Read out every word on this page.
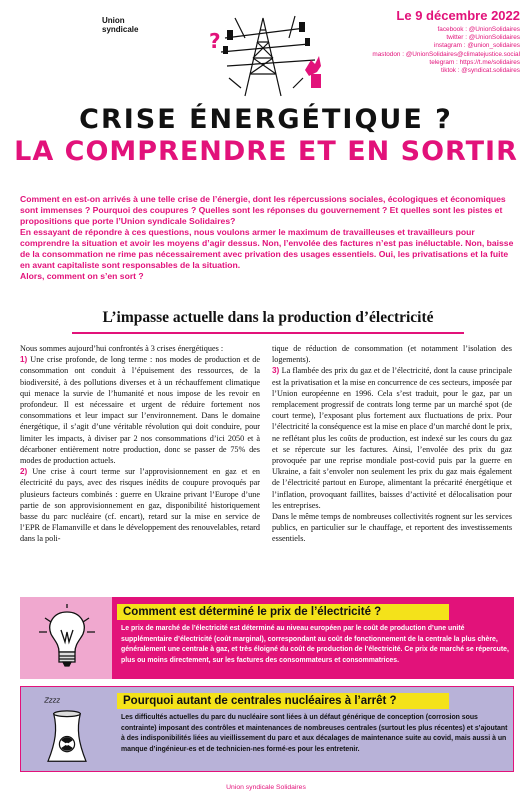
Union syndicale
Solidaires	?
Le 9 décembre 2022
facebook : @UnionSolidaires
twitter : @UnionSolidaires
instagram : @union_solidaires
mastodon : @UnionSolidaires@climatejustice.social
telegram : https://t.me/solidaires
tiktok : @syndicat.solidaires
CRISE ÉNERGÉTIQUE ?
LA COMPRENDRE ET EN SORTIR

Comment en est-on arrivés à une telle crise de l’énergie, dont les répercussions sociales, écologiques et économiques sont immenses ? Pourquoi des coupures ? Quelles sont les réponses du gouvernement ? Et quelles sont les pistes et propositions que porte l’Union syndicale Solidaires?

En essayant de répondre à ces questions, nous voulons armer le maximum de travailleuses et travailleurs pour comprendre la situation et avoir les moyens d’agir dessus. Non, l’envolée des factures n’est pas inéluctable. Non, baisse de la consommation ne rime pas nécessairement avec privation des usages essentiels. Oui, les privatisations et la fuite en avant capitaliste sont responsables de la situation.

Alors, comment on s’en sort ?

L’impasse actuelle dans la production d’électricité

Nous sommes aujourd’hui confrontés à 3 crises énergétiques :

1) Une crise profonde, de long terme : nos modes de production et de consommation ont conduit à l’épuisement des ressources, de la biodiversité, à des pollutions diverses et à un réchauffement climatique qui menace la survie de l’humanité et nous impose de les revoir en profondeur. Il est nécessaire et urgent de réduire fortement nos consommations et leur impact sur l’environnement. Dans le domaine énergétique, il s’agit d’une véritable révolution qui doit conduire, pour limiter les impacts, à diviser par 2 nos consommations d’ici 2050 et à décarboner entièrement notre production, donc se passer de 75% des modes de production actuels.

2) Une crise à court terme sur l’approvisionnement en gaz et en électricité du pays, avec des risques inédits de coupure provoqués par plusieurs facteurs combinés : guerre en Ukraine privant l’Europe d’une partie de son approvisionnement en gaz, disponibilité historiquement basse du parc nucléaire (cf. encart), retard sur la mise en service de l’EPR de Flamanville et dans le développement des renouvelables, retard dans la poli-

tique de réduction de consommation (et notamment l’isolation des logements).

3) La flambée des prix du gaz et de l’électricité, dont la cause principale est la privatisation et la mise en concurrence de ces secteurs, imposée par l’Union européenne en 1996. Cela s’est traduit, pour le gaz, par un remplacement progressif de contrats long terme par un marché spot (de court terme), l’exposant plus fortement aux fluctuations de prix. Pour l’électricité la conséquence est la mise en place d’un marché dont le prix, ne reflétant plus les coûts de production, est indexé sur les cours du gaz et se répercute sur les factures. Ainsi, l’envolée des prix du gaz provoquée par une reprise mondiale post-covid puis par la guerre en Ukraine, a fait s’envoler non seulement les prix du gaz mais également de l’électricité partout en Europe, alimentant la précarité énergétique et l’inflation, provoquant faillites, baisses d’activité et délocalisation pour les entreprises.

Dans le même temps de nombreuses collectivités rognent sur les services publics, en particulier sur le chauffage, et reportent des investissements essentiels.

Comment est déterminé le prix de l’électricité ?
Le prix de marché de l’électricité est déterminé au niveau européen par le coût de production d’une unité supplémentaire d’électricité (coût marginal), correspondant au coût de fonctionnement de la centrale la plus chère, généralement une centrale à gaz, et très éloigné du coût de production de l’électricité. Ce prix de marché se répercute, plus ou moins directement, sur les factures des consommateurs et consommatrices.
Zzzz	Pourquoi autant de centrales nucléaires à l’arrêt ?
Les difficultés actuelles du parc du nucléaire sont liées à un défaut générique de conception (corrosion sous contrainte) imposant des contrôles et maintenances de nombreuses centrales (surtout les plus récentes) et s’ajoutant à des indisponibilités liées au vieillissement du parc et aux décalages de maintenance suite au covid, mais aussi à un manque d’ingénieur-es et de technicien-nes formé-es pour les entretenir.
Union syndicale Solidaires
